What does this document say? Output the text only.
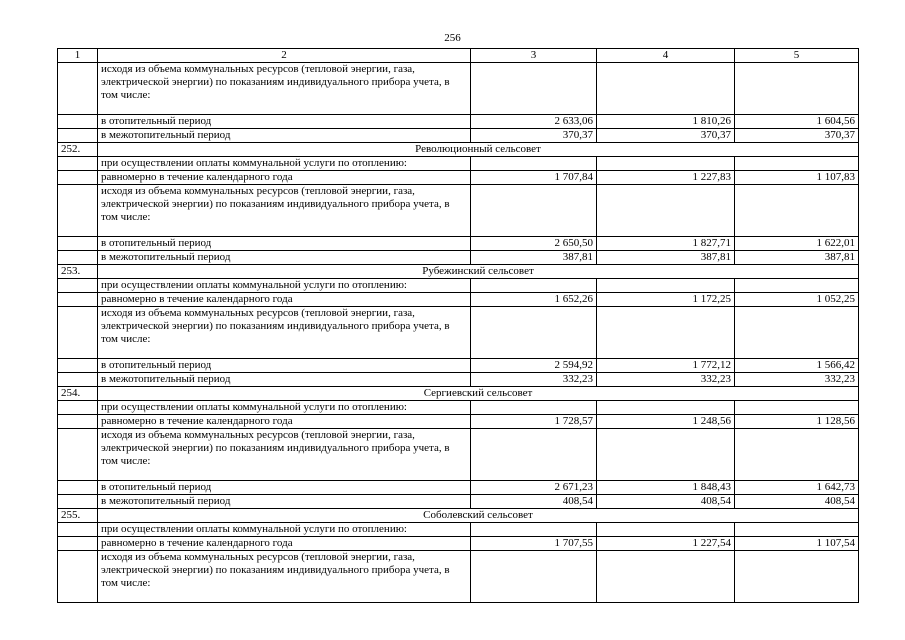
256
1	2	3	4	5
	исходя из объема коммунальных ресурсов (тепловой энергии, газа, электрической энергии) по показаниям индивидуального прибора учета, в том числе:			
	в отопительный период	2 633,06	1 810,26	1 604,56
	в межотопительный период	370,37	370,37	370,37
252.	Революционный сельсовет			
	при осуществлении оплаты коммунальной услуги по отоплению:			
	равномерно в течение календарного года	1 707,84	1 227,83	1 107,83
	исходя из объема коммунальных ресурсов (тепловой энергии, газа, электрической энергии) по показаниям индивидуального прибора учета, в том числе:			
	в отопительный период	2 650,50	1 827,71	1 622,01
	в межотопительный период	387,81	387,81	387,81
253.	Рубежинский сельсовет			
	при осуществлении оплаты коммунальной услуги по отоплению:			
	равномерно в течение календарного года	1 652,26	1 172,25	1 052,25
	исходя из объема коммунальных ресурсов (тепловой энергии, газа, электрической энергии) по показаниям индивидуального прибора учета, в том числе:			
	в отопительный период	2 594,92	1 772,12	1 566,42
	в межотопительный период	332,23	332,23	332,23
254.	Сергиевский сельсовет			
	при осуществлении оплаты коммунальной услуги по отоплению:			
	равномерно в течение календарного года	1 728,57	1 248,56	1 128,56
	исходя из объема коммунальных ресурсов (тепловой энергии, газа, электрической энергии) по показаниям индивидуального прибора учета, в том числе:			
	в отопительный период	2 671,23	1 848,43	1 642,73
	в межотопительный период	408,54	408,54	408,54
255.	Соболевский сельсовет			
	при осуществлении оплаты коммунальной услуги по отоплению:			
	равномерно в течение календарного года	1 707,55	1 227,54	1 107,54
	исходя из объема коммунальных ресурсов (тепловой энергии, газа, электрической энергии) по показаниям индивидуального прибора учета, в том числе:			
